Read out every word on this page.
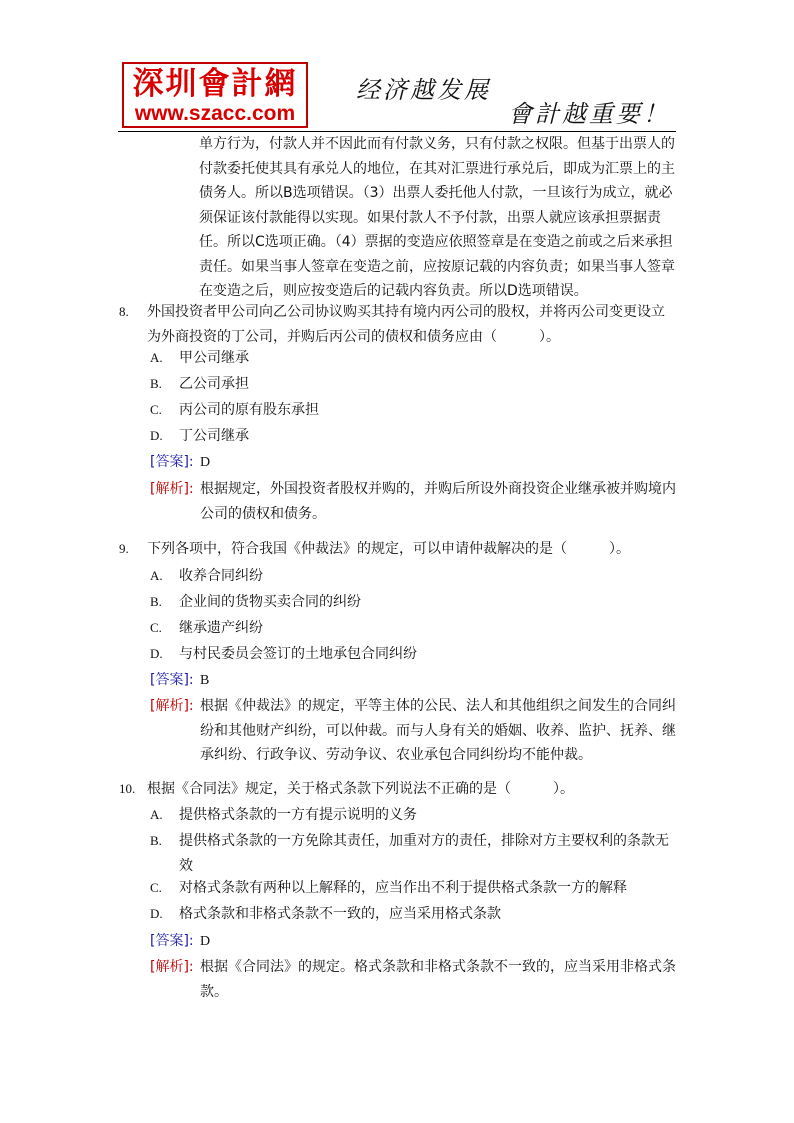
深圳會計網
www.szacc.com
经济越发展
會計越重要！
单方行为，付款人并不因此而有付款义务，只有付款之权限。但基于出票人的付款委托使其具有承兑人的地位，在其对汇票进行承兑后，即成为汇票上的主债务人。所以B选项错误。（3）出票人委托他人付款，一旦该行为成立，就必须保证该付款能得以实现。如果付款人不予付款，出票人就应该承担票据责任。所以C选项正确。（4）票据的变造应依照签章是在变造之前或之后来承担责任。如果当事人签章在变造之前，应按原记载的内容负责；如果当事人签章在变造之后，则应按变造后的记载内容负责。所以D选项错误。
8. 外国投资者甲公司向乙公司协议购买其持有境内丙公司的股权，并将丙公司变更设立为外商投资的丁公司，并购后丙公司的债权和债务应由（　　　）。
A. 甲公司继承
B. 乙公司承担
C. 丙公司的原有股东承担
D. 丁公司继承
[答案]: D
[解析]: 根据规定，外国投资者股权并购的，并购后所设外商投资企业继承被并购境内公司的债权和债务。
9. 下列各项中，符合我国《仲裁法》的规定，可以申请仲裁解决的是（　　　）。
A. 收养合同纠纷
B. 企业间的货物买卖合同的纠纷
C. 继承遗产纠纷
D. 与村民委员会签订的土地承包合同纠纷
[答案]: B
[解析]: 根据《仲裁法》的规定，平等主体的公民、法人和其他组织之间发生的合同纠纷和其他财产纠纷，可以仲裁。而与人身有关的婚姻、收养、监护、抚养、继承纠纷、行政争议、劳动争议、农业承包合同纠纷均不能仲裁。
10. 根据《合同法》规定，关于格式条款下列说法不正确的是（　　　）。
A. 提供格式条款的一方有提示说明的义务
B. 提供格式条款的一方免除其责任，加重对方的责任，排除对方主要权利的条款无效
C. 对格式条款有两种以上解释的，应当作出不利于提供格式条款一方的解释
D. 格式条款和非格式条款不一致的，应当采用格式条款
[答案]: D
[解析]: 根据《合同法》的规定。格式条款和非格式条款不一致的，应当采用非格式条款。
